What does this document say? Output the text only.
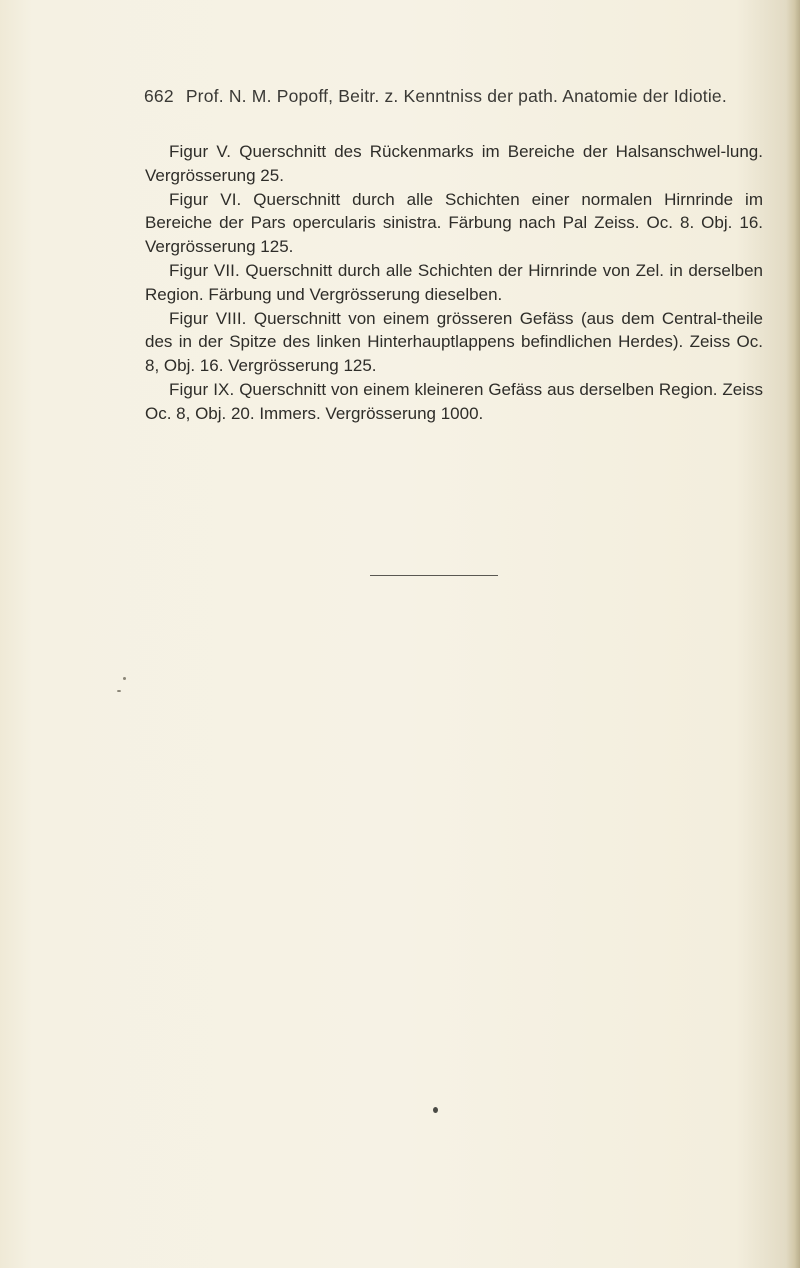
662 Prof. N. M. Popoff, Beitr. z. Kenntniss der path. Anatomie der Idiotie.

Figur V. Querschnitt des Rückenmarks im Bereiche der Halsanschwel-lung. Vergrösserung 25.

Figur VI. Querschnitt durch alle Schichten einer normalen Hirnrinde im Bereiche der Pars opercularis sinistra. Färbung nach Pal Zeiss. Oc. 8. Obj. 16. Vergrösserung 125.

Figur VII. Querschnitt durch alle Schichten der Hirnrinde von Zel. in derselben Region. Färbung und Vergrösserung dieselben.

Figur VIII. Querschnitt von einem grösseren Gefäss (aus dem Central-theile des in der Spitze des linken Hinterhauptlappens befindlichen Herdes). Zeiss Oc. 8, Obj. 16. Vergrösserung 125.

Figur IX. Querschnitt von einem kleineren Gefäss aus derselben Region. Zeiss Oc. 8, Obj. 20. Immers. Vergrösserung 1000.
